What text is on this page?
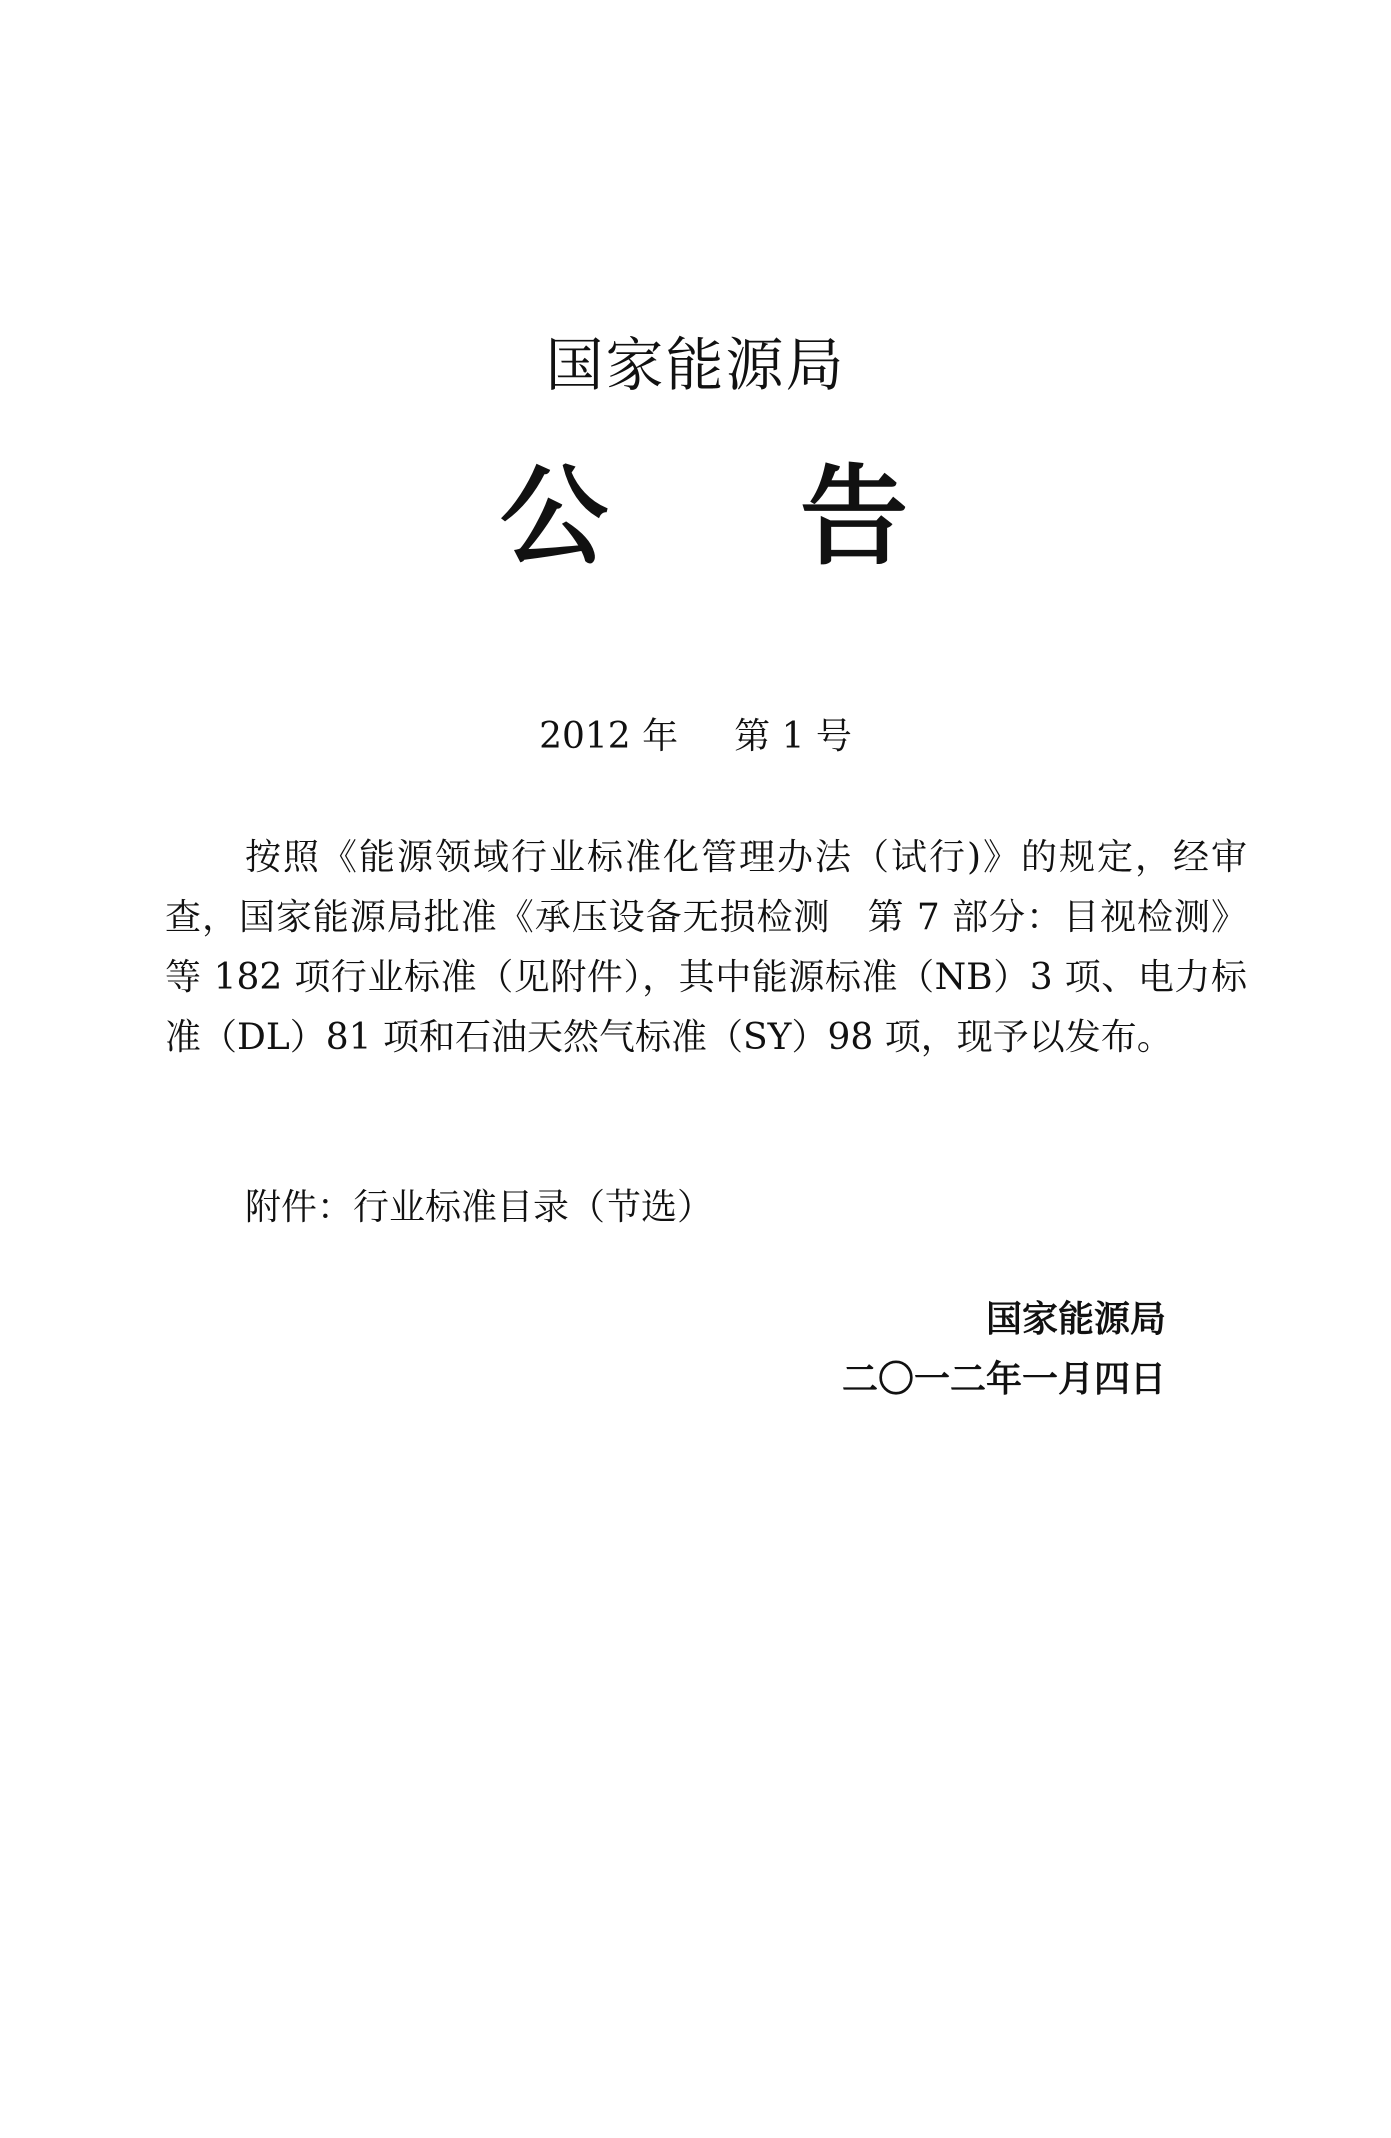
国家能源局
公 告
2012 年 第 1 号

按照《能源领域行业标准化管理办法（试行)》的规定，经审查，国家能源局批准《承压设备无损检测　第 7 部分：目视检测》等 182 项行业标准（见附件），其中能源标准（NB）3 项、电力标准（DL）81 项和石油天然气标准（SY）98 项，现予以发布。

附件：行业标准目录（节选）
国家能源局
二〇一二年一月四日
